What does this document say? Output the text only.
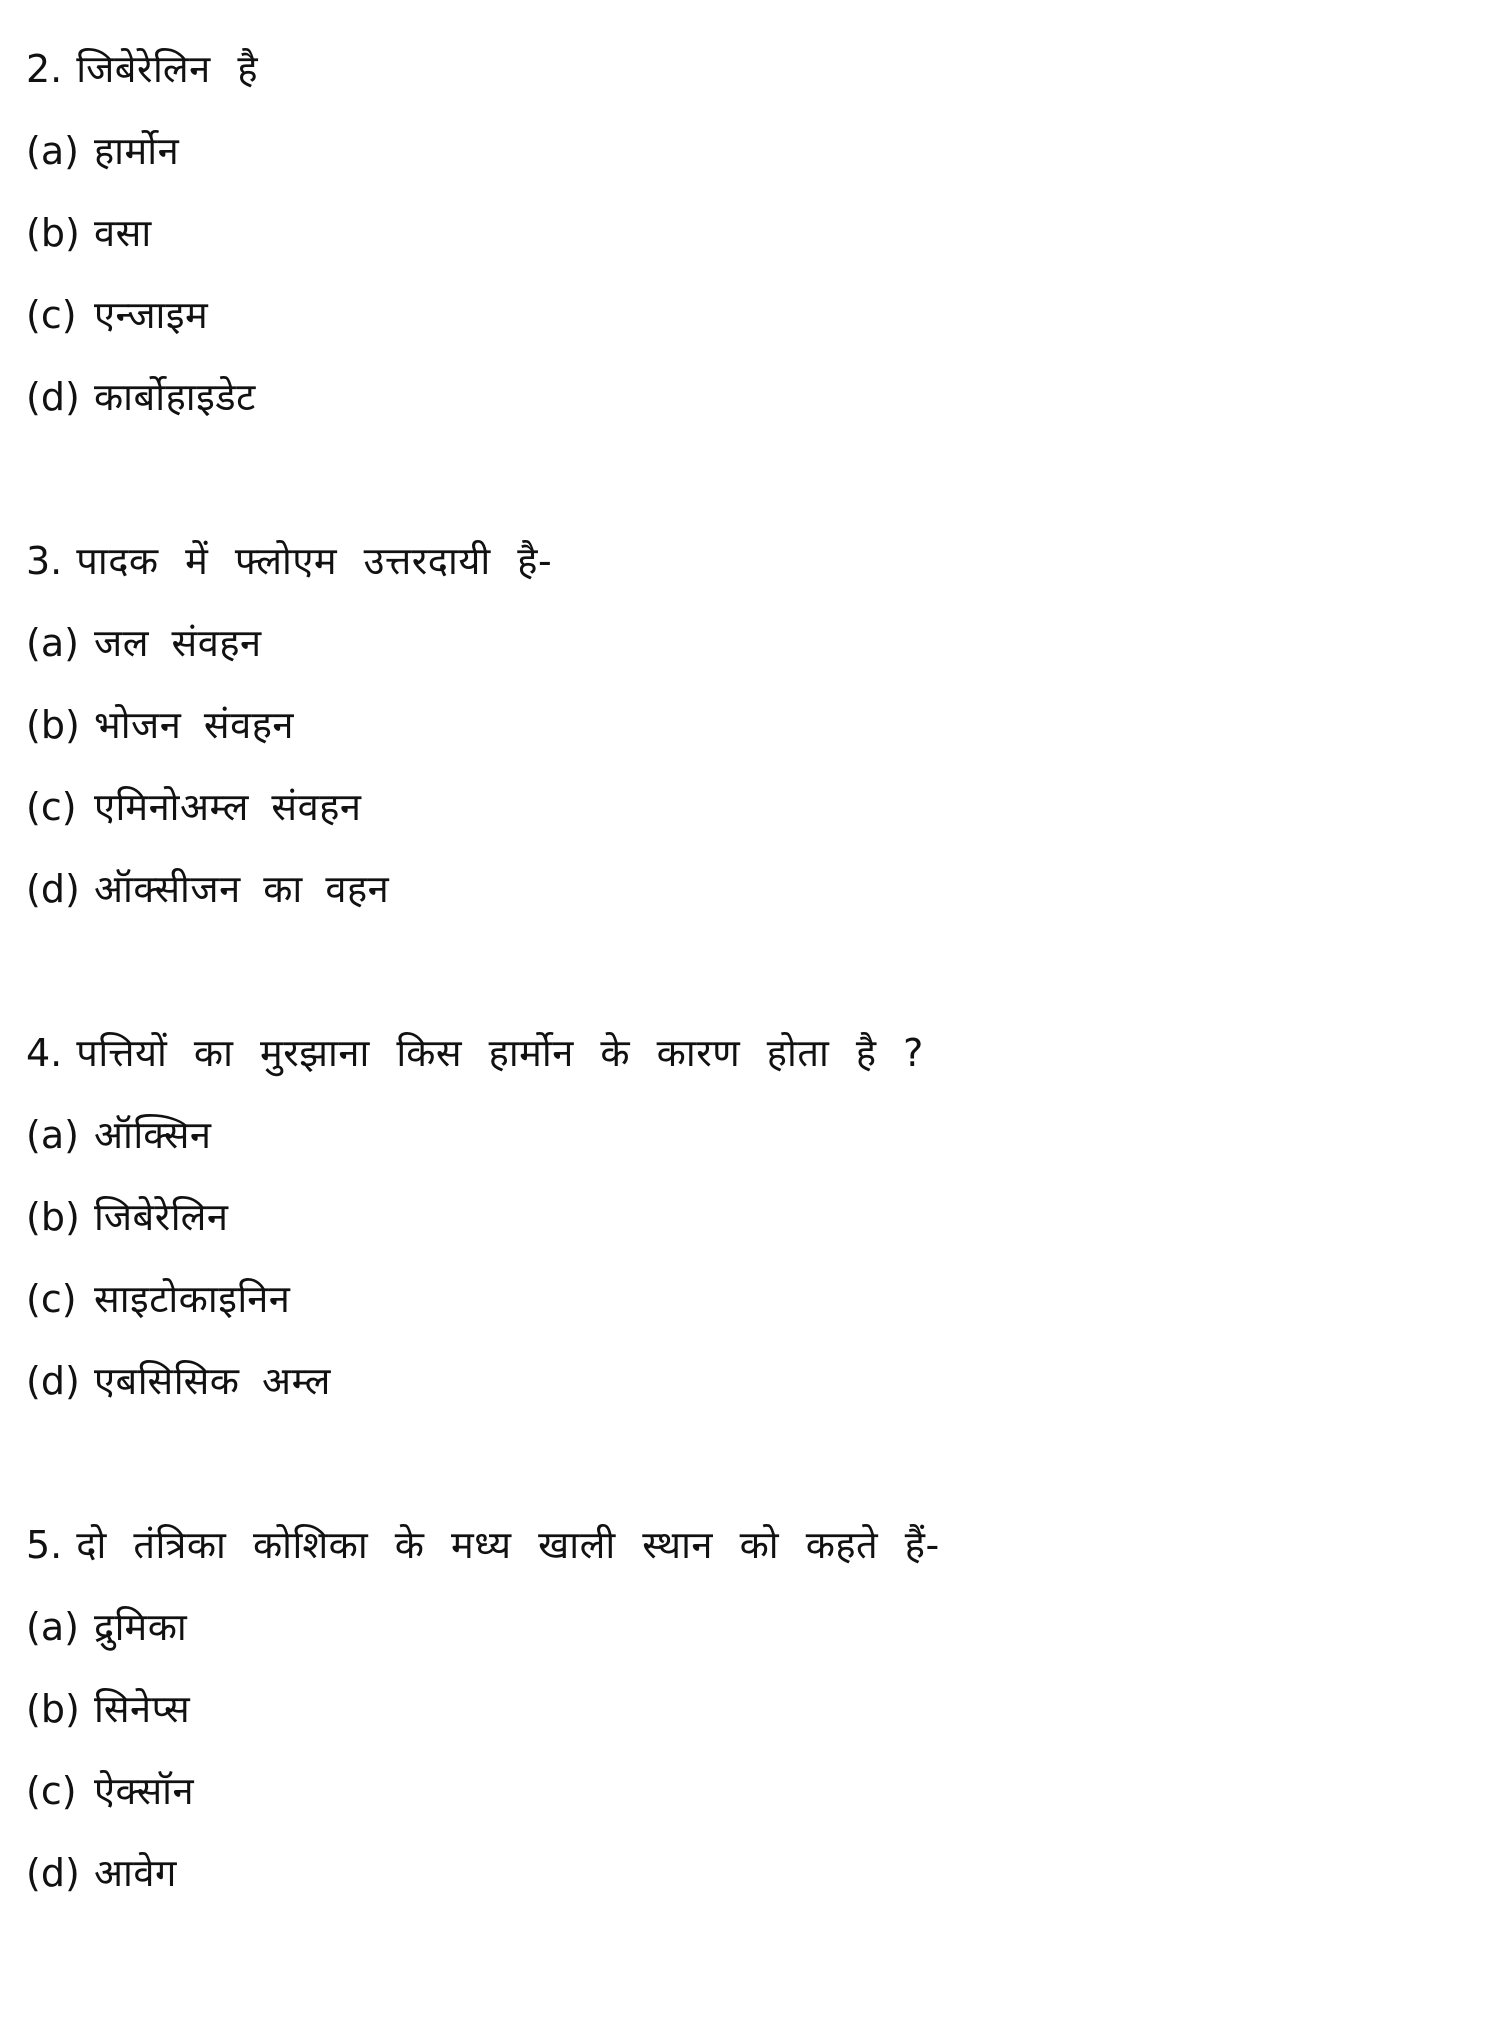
2. जिबेरेलिन है
(a) हार्मोन
(b) वसा
(c) एन्जाइम
(d) कार्बोहाइडेट
3. पादक में फ्लोएम उत्तरदायी है-
(a) जल संवहन
(b) भोजन संवहन
(c) एमिनोअम्ल संवहन
(d) ऑक्सीजन का वहन
4. पत्तियों का मुरझाना किस हार्मोन के कारण होता है ?
(a) ऑक्सिन
(b) जिबेरेलिन
(c) साइटोकाइनिन
(d) एबसिसिक अम्ल
5. दो तंत्रिका कोशिका के मध्य खाली स्थान को कहते हैं-
(a) द्रुमिका
(b) सिनेप्स
(c) ऐक्सॉन
(d) आवेग
